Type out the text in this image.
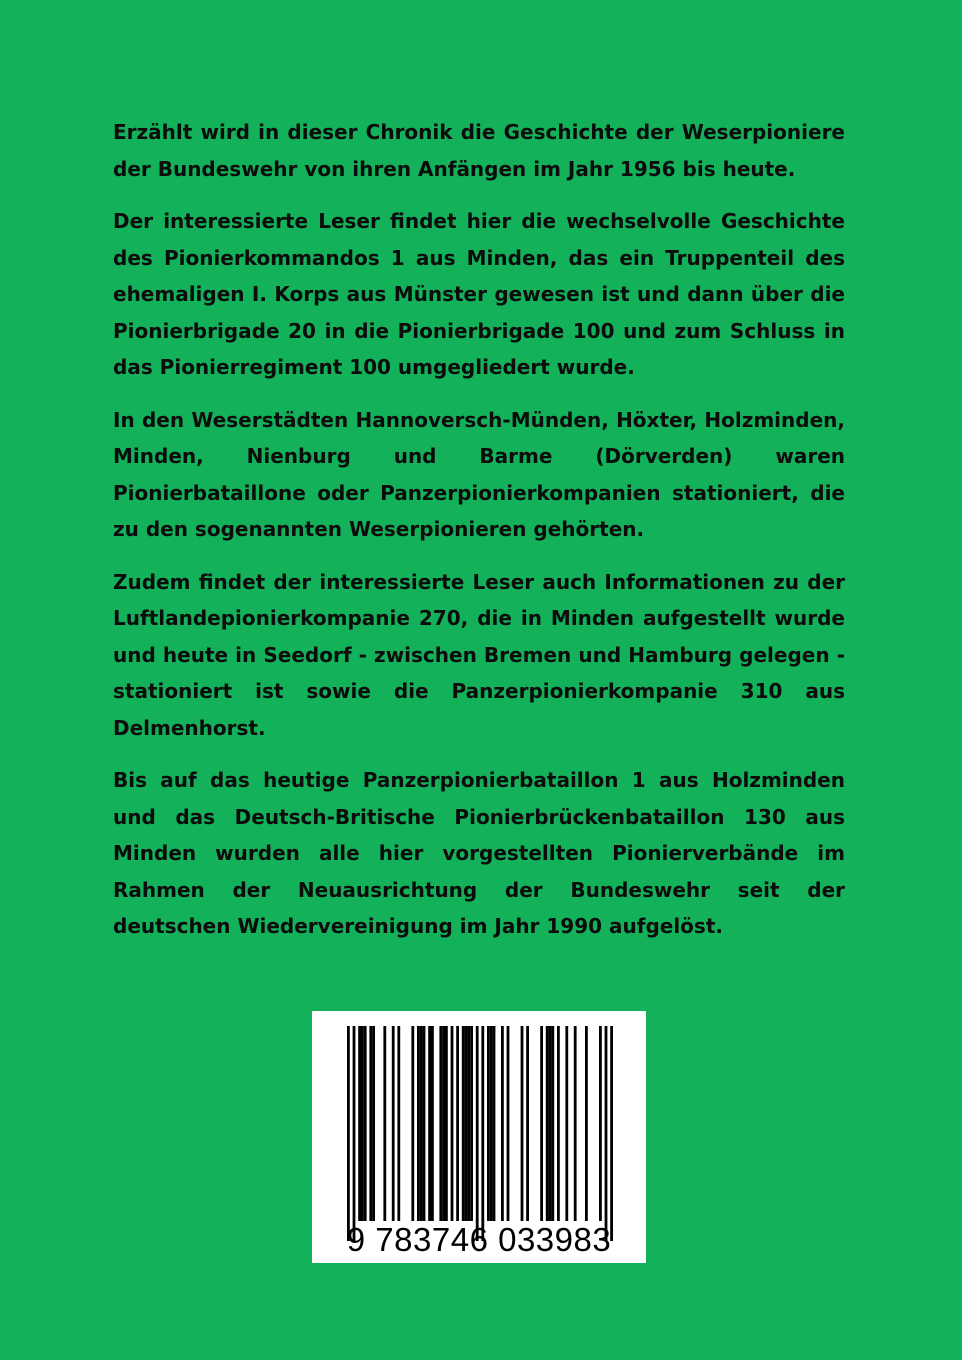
Erzählt wird in dieser Chronik die Geschichte der Weserpioniere der Bundeswehr von ihren Anfängen im Jahr 1956 bis heute.

Der interessierte Leser findet hier die wechselvolle Geschichte des Pionierkommandos 1 aus Minden, das ein Truppenteil des ehemaligen I. Korps aus Münster gewesen ist und dann über die Pionierbrigade 20 in die Pionierbrigade 100 und zum Schluss in das Pionierregiment 100 umgegliedert wurde.

In den Weserstädten Hannoversch-Münden, Höxter, Holzminden, Minden, Nienburg und Barme (Dörverden) waren Pionierbataillone oder Panzerpionierkompanien stationiert, die zu den sogenannten Weserpionieren gehörten.

Zudem findet der interessierte Leser auch Informationen zu der Luftlandepionierkompanie 270, die in Minden aufgestellt wurde und heute in Seedorf - zwischen Bremen und Hamburg gelegen - stationiert ist sowie die Panzerpionierkompanie 310 aus Delmenhorst.

Bis auf das heutige Panzerpionierbataillon 1 aus Holzminden und das Deutsch-Britische Pionierbrückenbataillon 130 aus Minden wurden alle hier vorgestellten Pionierverbände im Rahmen der Neuausrichtung der Bundeswehr seit der deutschen Wiedervereinigung im Jahr 1990 aufgelöst.

9 783746 033983
